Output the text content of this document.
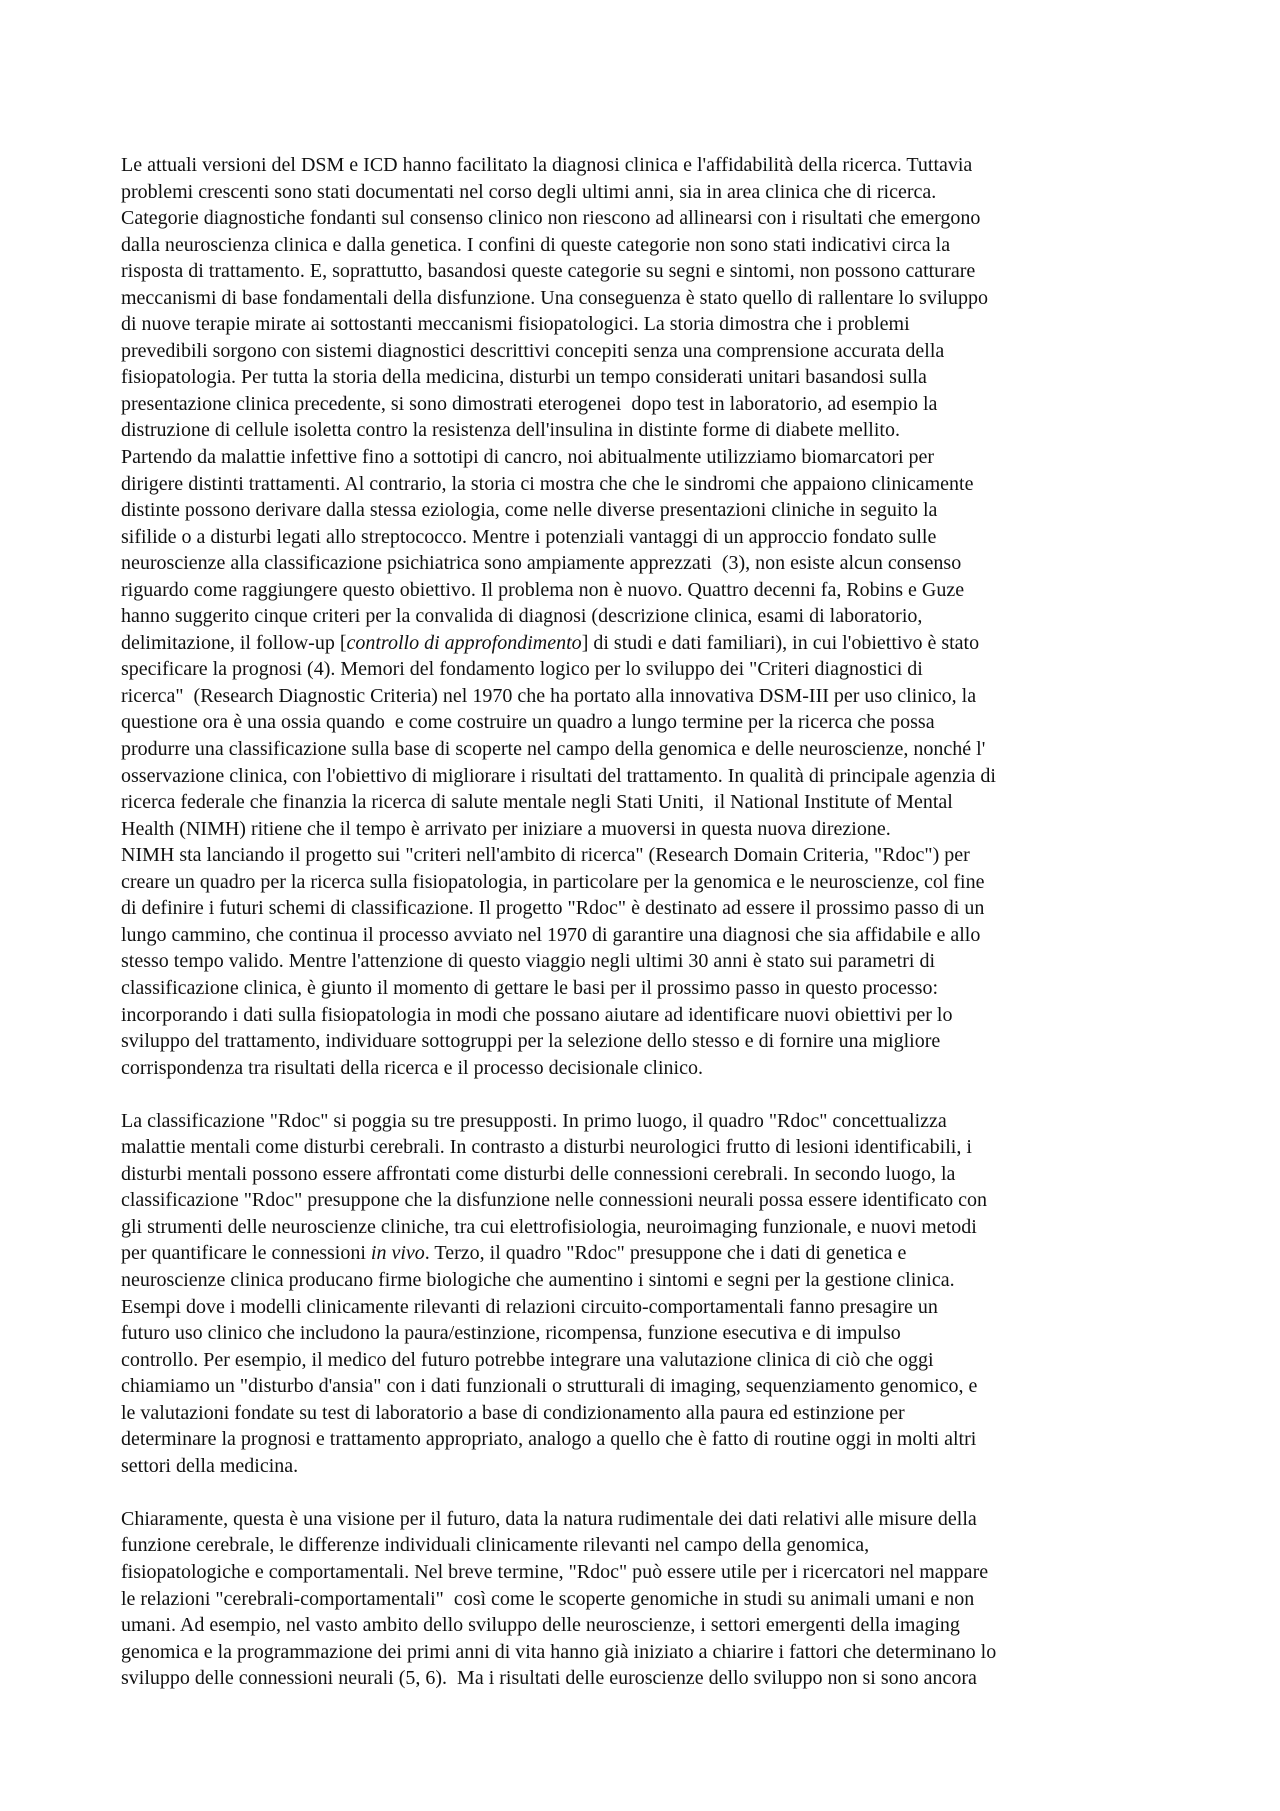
Le attuali versioni del DSM e ICD hanno facilitato la diagnosi clinica e l'affidabilità della ricerca. Tuttavia
problemi crescenti sono stati documentati nel corso degli ultimi anni, sia in area clinica che di ricerca.
Categorie diagnostiche fondanti sul consenso clinico non riescono ad allinearsi con i risultati che emergono
dalla neuroscienza clinica e dalla genetica. I confini di queste categorie non sono stati indicativi circa la
risposta di trattamento. E, soprattutto, basandosi queste categorie su segni e sintomi, non possono catturare
meccanismi di base fondamentali della disfunzione. Una conseguenza è stato quello di rallentare lo sviluppo
di nuove terapie mirate ai sottostanti meccanismi fisiopatologici. La storia dimostra che i problemi
prevedibili sorgono con sistemi diagnostici descrittivi concepiti senza una comprensione accurata della
fisiopatologia. Per tutta la storia della medicina, disturbi un tempo considerati unitari basandosi sulla
presentazione clinica precedente, si sono dimostrati eterogenei  dopo test in laboratorio, ad esempio la
distruzione di cellule isoletta contro la resistenza dell'insulina in distinte forme di diabete mellito.
Partendo da malattie infettive fino a sottotipi di cancro, noi abitualmente utilizziamo biomarcatori per
dirigere distinti trattamenti. Al contrario, la storia ci mostra che che le sindromi che appaiono clinicamente
distinte possono derivare dalla stessa eziologia, come nelle diverse presentazioni cliniche in seguito la
sifilide o a disturbi legati allo streptococco. Mentre i potenziali vantaggi di un approccio fondato sulle
neuroscienze alla classificazione psichiatrica sono ampiamente apprezzati  (3), non esiste alcun consenso
riguardo come raggiungere questo obiettivo. Il problema non è nuovo. Quattro decenni fa, Robins e Guze
hanno suggerito cinque criteri per la convalida di diagnosi (descrizione clinica, esami di laboratorio,
delimitazione, il follow-up [controllo di approfondimento] di studi e dati familiari), in cui l'obiettivo è stato
specificare la prognosi (4). Memori del fondamento logico per lo sviluppo dei "Criteri diagnostici di
ricerca"  (Research Diagnostic Criteria) nel 1970 che ha portato alla innovativa DSM-III per uso clinico, la
questione ora è una ossia quando  e come costruire un quadro a lungo termine per la ricerca che possa
produrre una classificazione sulla base di scoperte nel campo della genomica e delle neuroscienze, nonché l'
osservazione clinica, con l'obiettivo di migliorare i risultati del trattamento. In qualità di principale agenzia di
ricerca federale che finanzia la ricerca di salute mentale negli Stati Uniti,  il National Institute of Mental
Health (NIMH) ritiene che il tempo è arrivato per iniziare a muoversi in questa nuova direzione.
NIMH sta lanciando il progetto sui "criteri nell'ambito di ricerca" (Research Domain Criteria, "Rdoc") per
creare un quadro per la ricerca sulla fisiopatologia, in particolare per la genomica e le neuroscienze, col fine
di definire i futuri schemi di classificazione. Il progetto "Rdoc" è destinato ad essere il prossimo passo di un
lungo cammino, che continua il processo avviato nel 1970 di garantire una diagnosi che sia affidabile e allo
stesso tempo valido. Mentre l'attenzione di questo viaggio negli ultimi 30 anni è stato sui parametri di
classificazione clinica, è giunto il momento di gettare le basi per il prossimo passo in questo processo:
incorporando i dati sulla fisiopatologia in modi che possano aiutare ad identificare nuovi obiettivi per lo
sviluppo del trattamento, individuare sottogruppi per la selezione dello stesso e di fornire una migliore
corrispondenza tra risultati della ricerca e il processo decisionale clinico.
La classificazione "Rdoc" si poggia su tre presupposti. In primo luogo, il quadro "Rdoc" concettualizza
malattie mentali come disturbi cerebrali. In contrasto a disturbi neurologici frutto di lesioni identificabili, i
disturbi mentali possono essere affrontati come disturbi delle connessioni cerebrali. In secondo luogo, la
classificazione "Rdoc" presuppone che la disfunzione nelle connessioni neurali possa essere identificato con
gli strumenti delle neuroscienze cliniche, tra cui elettrofisiologia, neuroimaging funzionale, e nuovi metodi
per quantificare le connessioni in vivo. Terzo, il quadro "Rdoc" presuppone che i dati di genetica e
neuroscienze clinica producano firme biologiche che aumentino i sintomi e segni per la gestione clinica.
Esempi dove i modelli clinicamente rilevanti di relazioni circuito-comportamentali fanno presagire un
futuro uso clinico che includono la paura/estinzione, ricompensa, funzione esecutiva e di impulso
controllo. Per esempio, il medico del futuro potrebbe integrare una valutazione clinica di ciò che oggi
chiamiamo un "disturbo d'ansia" con i dati funzionali o strutturali di imaging, sequenziamento genomico, e
le valutazioni fondate su test di laboratorio a base di condizionamento alla paura ed estinzione per
determinare la prognosi e trattamento appropriato, analogo a quello che è fatto di routine oggi in molti altri
settori della medicina.
Chiaramente, questa è una visione per il futuro, data la natura rudimentale dei dati relativi alle misure della
funzione cerebrale, le differenze individuali clinicamente rilevanti nel campo della genomica,
fisiopatologiche e comportamentali. Nel breve termine, "Rdoc" può essere utile per i ricercatori nel mappare
le relazioni "cerebrali-comportamentali"  così come le scoperte genomiche in studi su animali umani e non
umani. Ad esempio, nel vasto ambito dello sviluppo delle neuroscienze, i settori emergenti della imaging
genomica e la programmazione dei primi anni di vita hanno già iniziato a chiarire i fattori che determinano lo
sviluppo delle connessioni neurali (5, 6).  Ma i risultati delle euroscienze dello sviluppo non si sono ancora
